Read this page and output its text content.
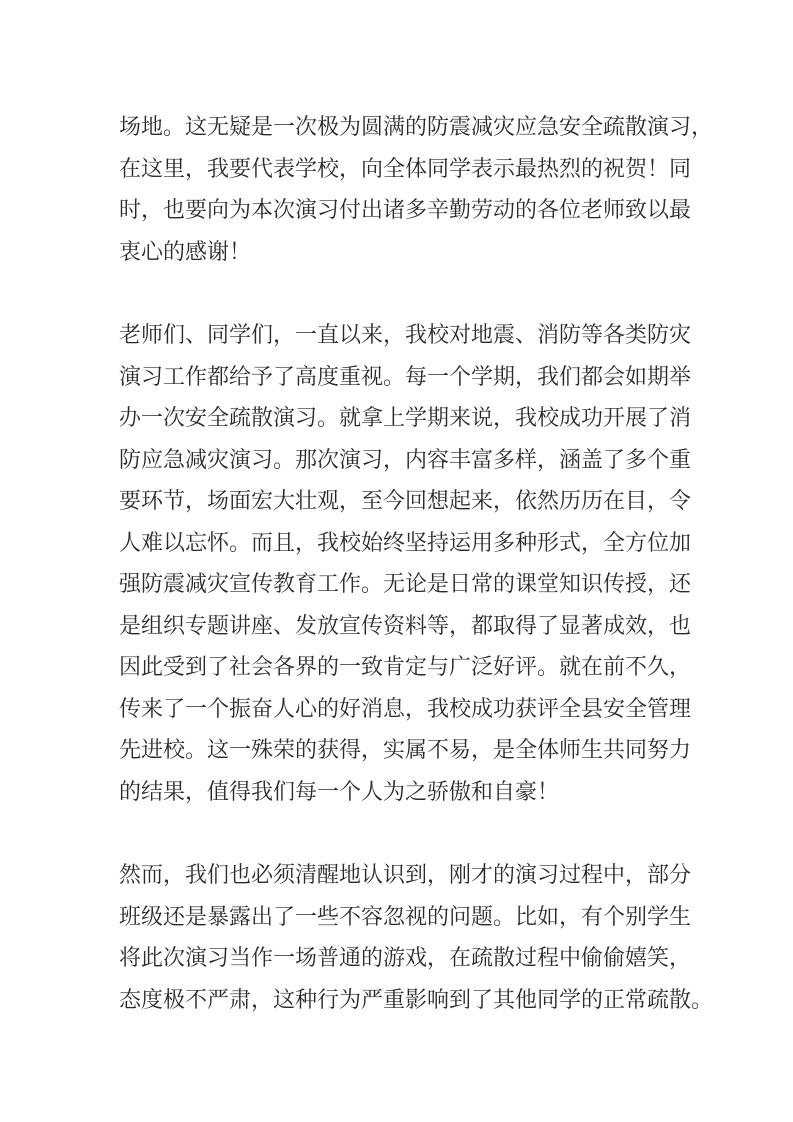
场地。这无疑是一次极为圆满的防震减灾应急安全疏散演习，
在这里，我要代表学校，向全体同学表示最热烈的祝贺！同
时，也要向为本次演习付出诸多辛勤劳动的各位老师致以最
衷心的感谢！
老师们、同学们，一直以来，我校对地震、消防等各类防灾
演习工作都给予了高度重视。每一个学期，我们都会如期举
办一次安全疏散演习。就拿上学期来说，我校成功开展了消
防应急减灾演习。那次演习，内容丰富多样，涵盖了多个重
要环节，场面宏大壮观，至今回想起来，依然历历在目，令
人难以忘怀。而且，我校始终坚持运用多种形式，全方位加
强防震减灾宣传教育工作。无论是日常的课堂知识传授，还
是组织专题讲座、发放宣传资料等，都取得了显著成效，也
因此受到了社会各界的一致肯定与广泛好评。就在前不久，
传来了一个振奋人心的好消息，我校成功获评全县安全管理
先进校。这一殊荣的获得，实属不易，是全体师生共同努力
的结果，值得我们每一个人为之骄傲和自豪！
然而，我们也必须清醒地认识到，刚才的演习过程中，部分
班级还是暴露出了一些不容忽视的问题。比如，有个别学生
将此次演习当作一场普通的游戏，在疏散过程中偷偷嬉笑，
态度极不严肃，这种行为严重影响到了其他同学的正常疏散。
